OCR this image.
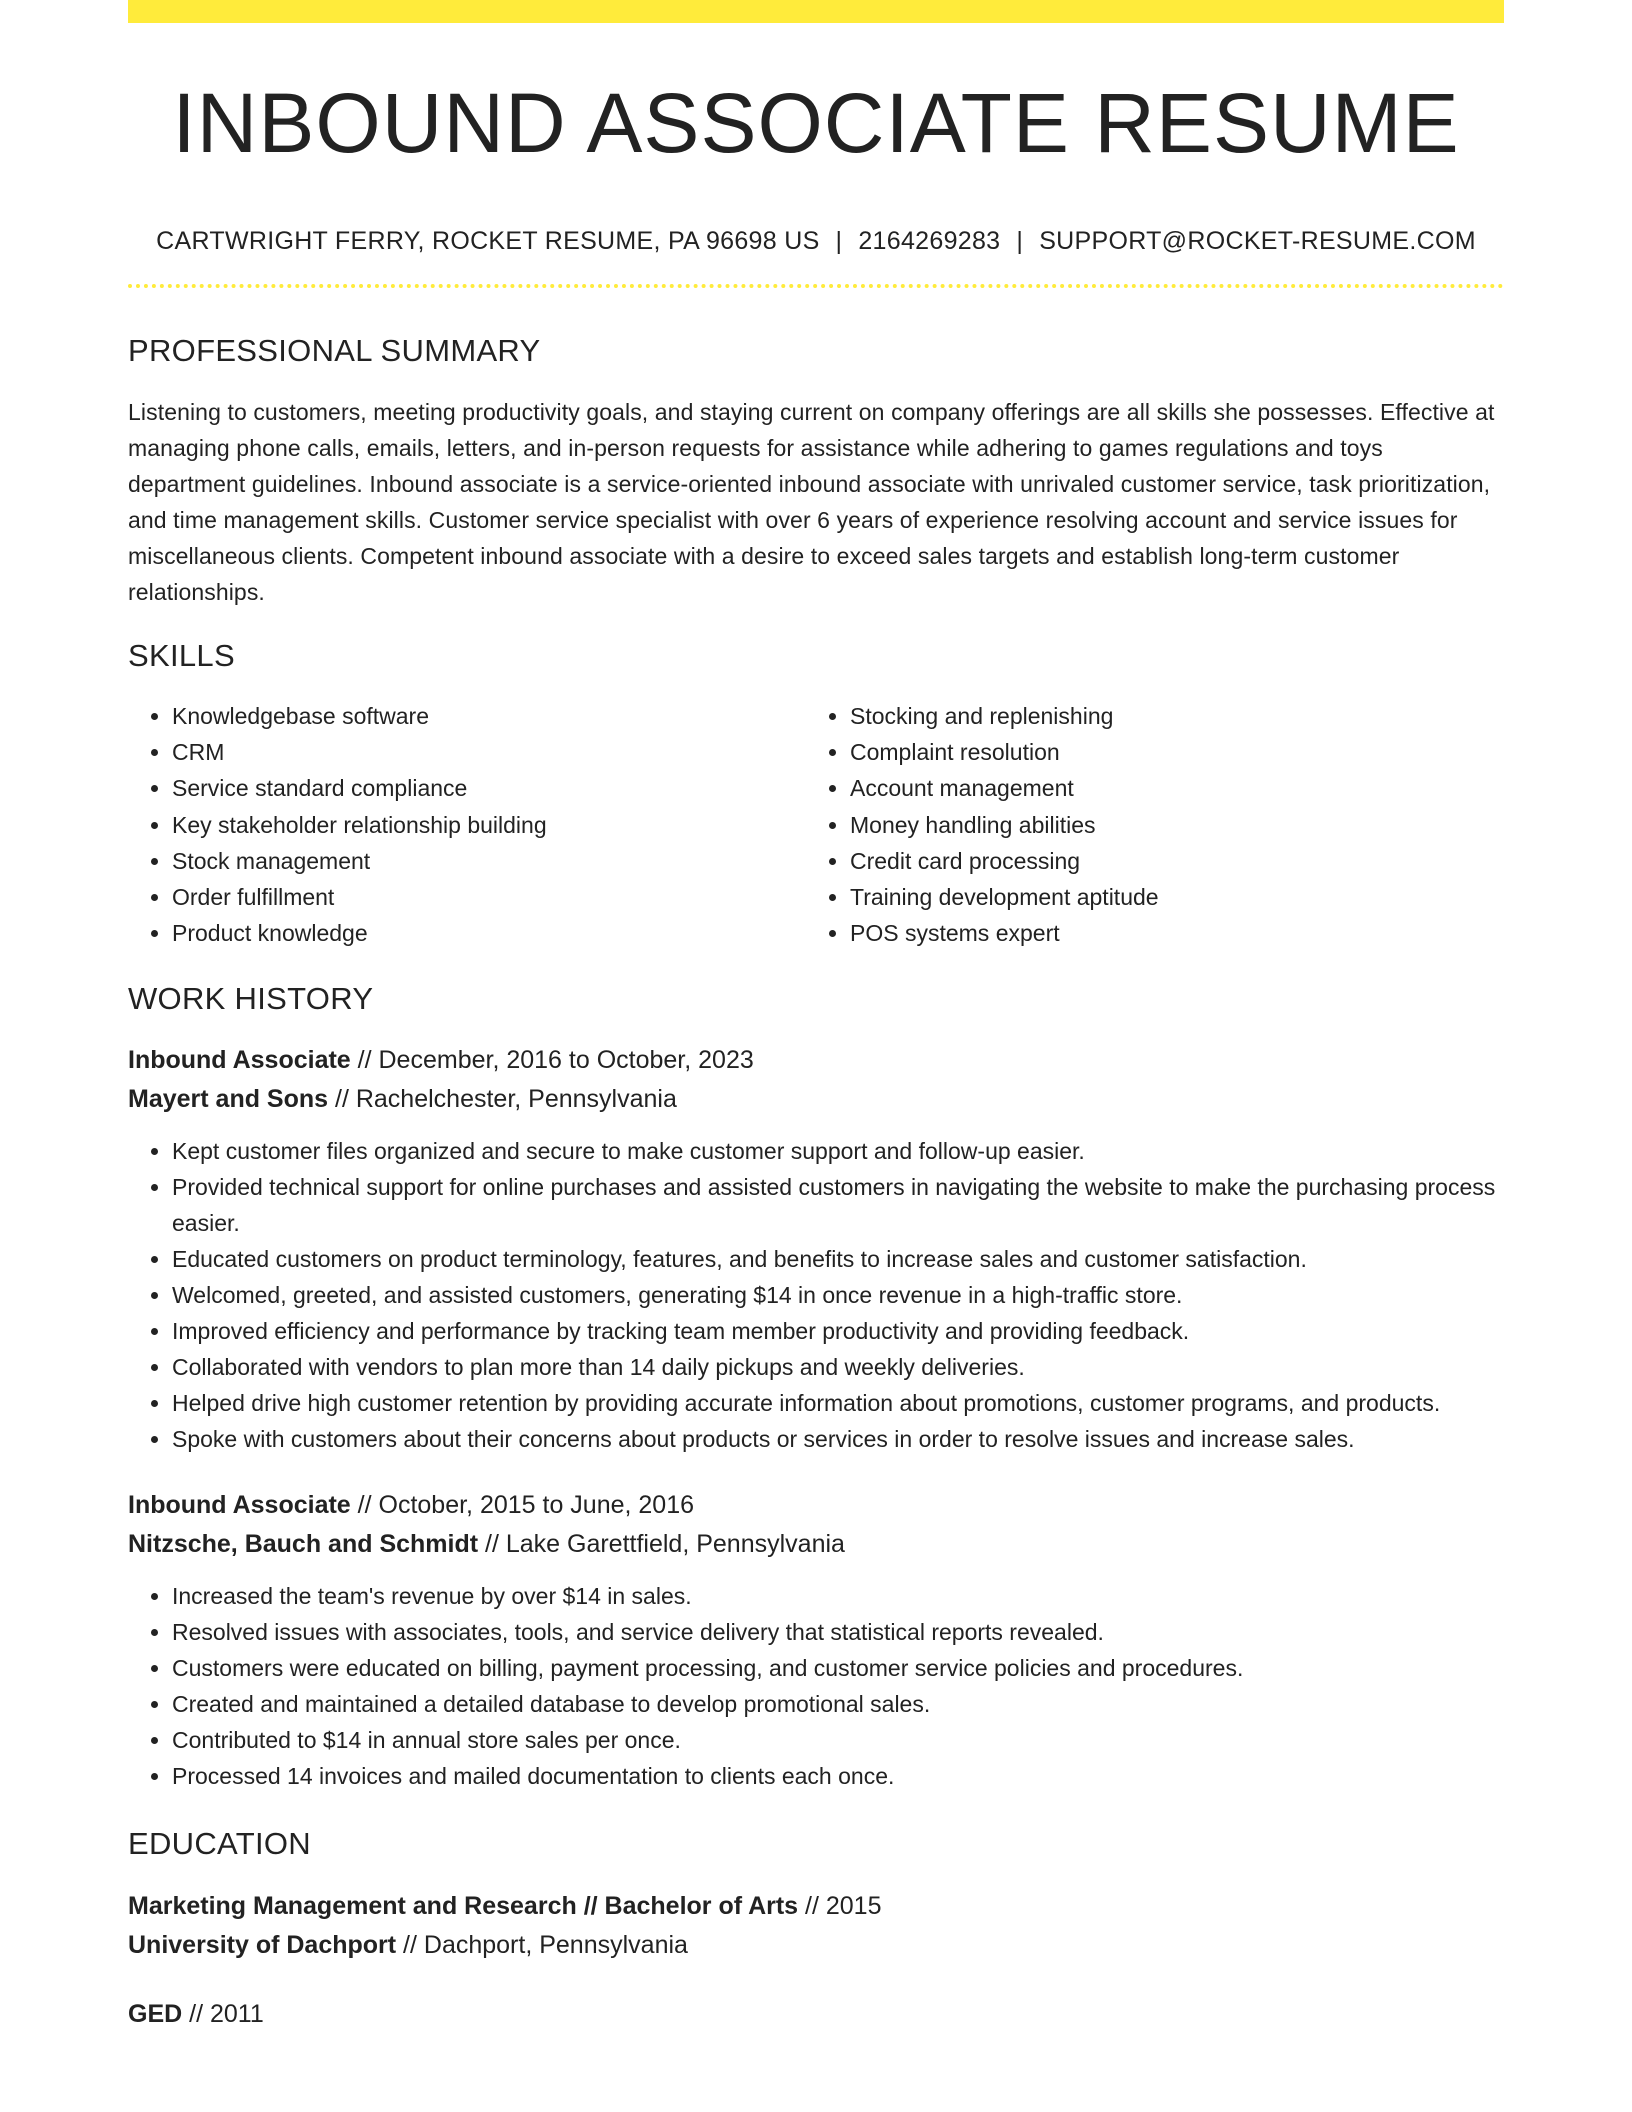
INBOUND ASSOCIATE RESUME
CARTWRIGHT FERRY, ROCKET RESUME, PA 96698 US | 2164269283 | SUPPORT@ROCKET-RESUME.COM
PROFESSIONAL SUMMARY

Listening to customers, meeting productivity goals, and staying current on company offerings are all skills she possesses. Effective at managing phone calls, emails, letters, and in-person requests for assistance while adhering to games regulations and toys department guidelines. Inbound associate is a service-oriented inbound associate with unrivaled customer service, task prioritization, and time management skills. Customer service specialist with over 6 years of experience resolving account and service issues for miscellaneous clients. Competent inbound associate with a desire to exceed sales targets and establish long-term customer relationships.

SKILLS
• Knowledgebase software
• CRM
• Service standard compliance
• Key stakeholder relationship building
• Stock management
• Order fulfillment
• Product knowledge
• Stocking and replenishing
• Complaint resolution
• Account management
• Money handling abilities
• Credit card processing
• Training development aptitude
• POS systems expert
WORK HISTORY
Inbound Associate // December, 2016 to October, 2023
Mayert and Sons // Rachelchester, Pennsylvania
• Kept customer files organized and secure to make customer support and follow-up easier.
• Provided technical support for online purchases and assisted customers in navigating the website to make the purchasing process easier.
• Educated customers on product terminology, features, and benefits to increase sales and customer satisfaction.
• Welcomed, greeted, and assisted customers, generating $14 in once revenue in a high-traffic store.
• Improved efficiency and performance by tracking team member productivity and providing feedback.
• Collaborated with vendors to plan more than 14 daily pickups and weekly deliveries.
• Helped drive high customer retention by providing accurate information about promotions, customer programs, and products.
• Spoke with customers about their concerns about products or services in order to resolve issues and increase sales.
Inbound Associate // October, 2015 to June, 2016
Nitzsche, Bauch and Schmidt // Lake Garettfield, Pennsylvania
• Increased the team's revenue by over $14 in sales.
• Resolved issues with associates, tools, and service delivery that statistical reports revealed.
• Customers were educated on billing, payment processing, and customer service policies and procedures.
• Created and maintained a detailed database to develop promotional sales.
• Contributed to $14 in annual store sales per once.
• Processed 14 invoices and mailed documentation to clients each once.
EDUCATION
Marketing Management and Research // Bachelor of Arts // 2015
University of Dachport // Dachport, Pennsylvania
GED // 2011
